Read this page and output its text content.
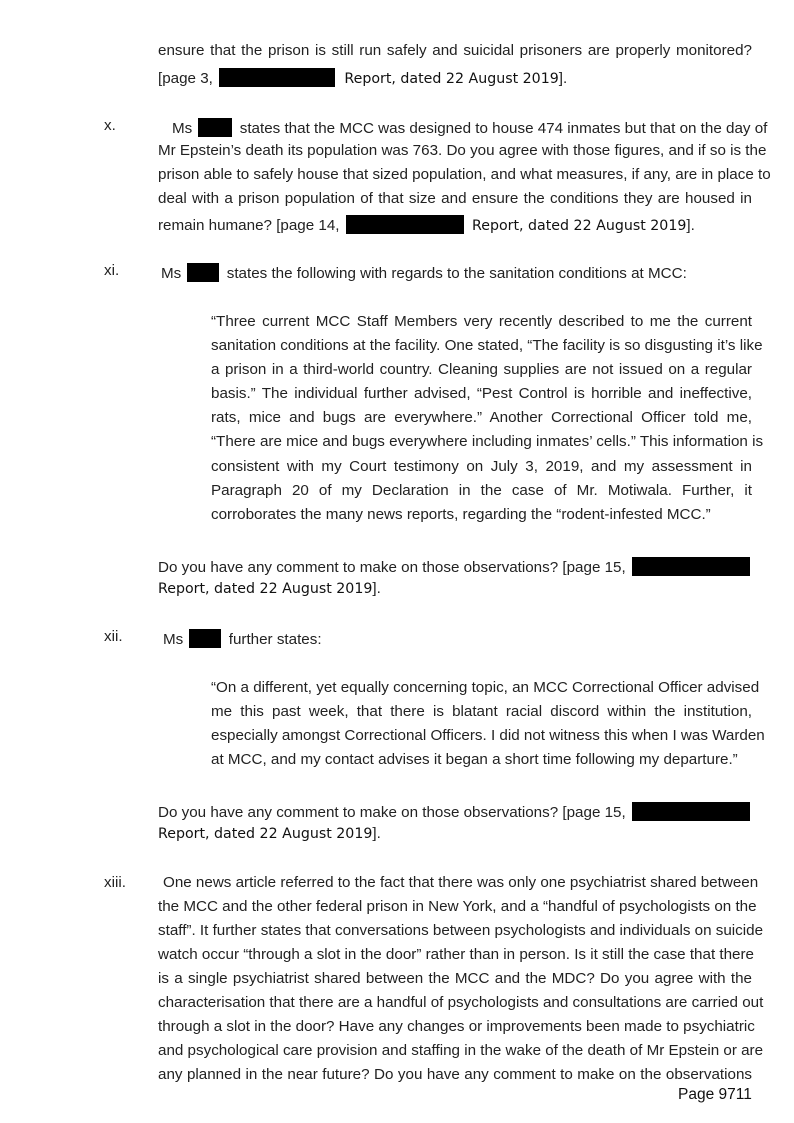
ensure that the prison is still run safely and suicidal prisoners are properly monitored?
[page 3,	Report, dated 22 August 2019].
x.	Ms	states that the MCC was designed to house 474 inmates but that on the day of
Mr Epstein’s death its population was 763. Do you agree with those figures, and if so is the
prison able to safely house that sized population, and what measures, if any, are in place to
deal with a prison population of that size and ensure the conditions they are housed in
remain humane? [page 14,	Report, dated 22 August 2019].
xi.	Ms	states the following with regards to the sanitation conditions at MCC:
“Three current MCC Staff Members very recently described to me the current
sanitation conditions at the facility. One stated, “The facility is so disgusting it’s like
a prison in a third-world country. Cleaning supplies are not issued on a regular
basis.” The individual further advised, “Pest Control is horrible and ineffective,
rats, mice and bugs are everywhere.” Another Correctional Officer told me,
“There are mice and bugs everywhere including inmates’ cells.” This information is
consistent with my Court testimony on July 3, 2019, and my assessment in
Paragraph 20 of my Declaration in the case of Mr. Motiwala. Further, it
corroborates the many news reports, regarding the “rodent-infested MCC.”
Do you have any comment to make on those observations? [page 15,
Report, dated 22 August 2019].
xii.	Ms	further states:
“On a different, yet equally concerning topic, an MCC Correctional Officer advised
me this past week, that there is blatant racial discord within the institution,
especially amongst Correctional Officers. I did not witness this when I was Warden
at MCC, and my contact advises it began a short time following my departure.”
Do you have any comment to make on those observations? [page 15,
Report, dated 22 August 2019].
xiii. One news article referred to the fact that there was only one psychiatrist shared between
the MCC and the other federal prison in New York, and a “handful of psychologists on the
staff”. It further states that conversations between psychologists and individuals on suicide
watch occur “through a slot in the door” rather than in person. Is it still the case that there
is a single psychiatrist shared between the MCC and the MDC? Do you agree with the
characterisation that there are a handful of psychologists and consultations are carried out
through a slot in the door? Have any changes or improvements been made to psychiatric
and psychological care provision and staffing in the wake of the death of Mr Epstein or are
any planned in the near future? Do you have any comment to make on the observations
Page 9711
